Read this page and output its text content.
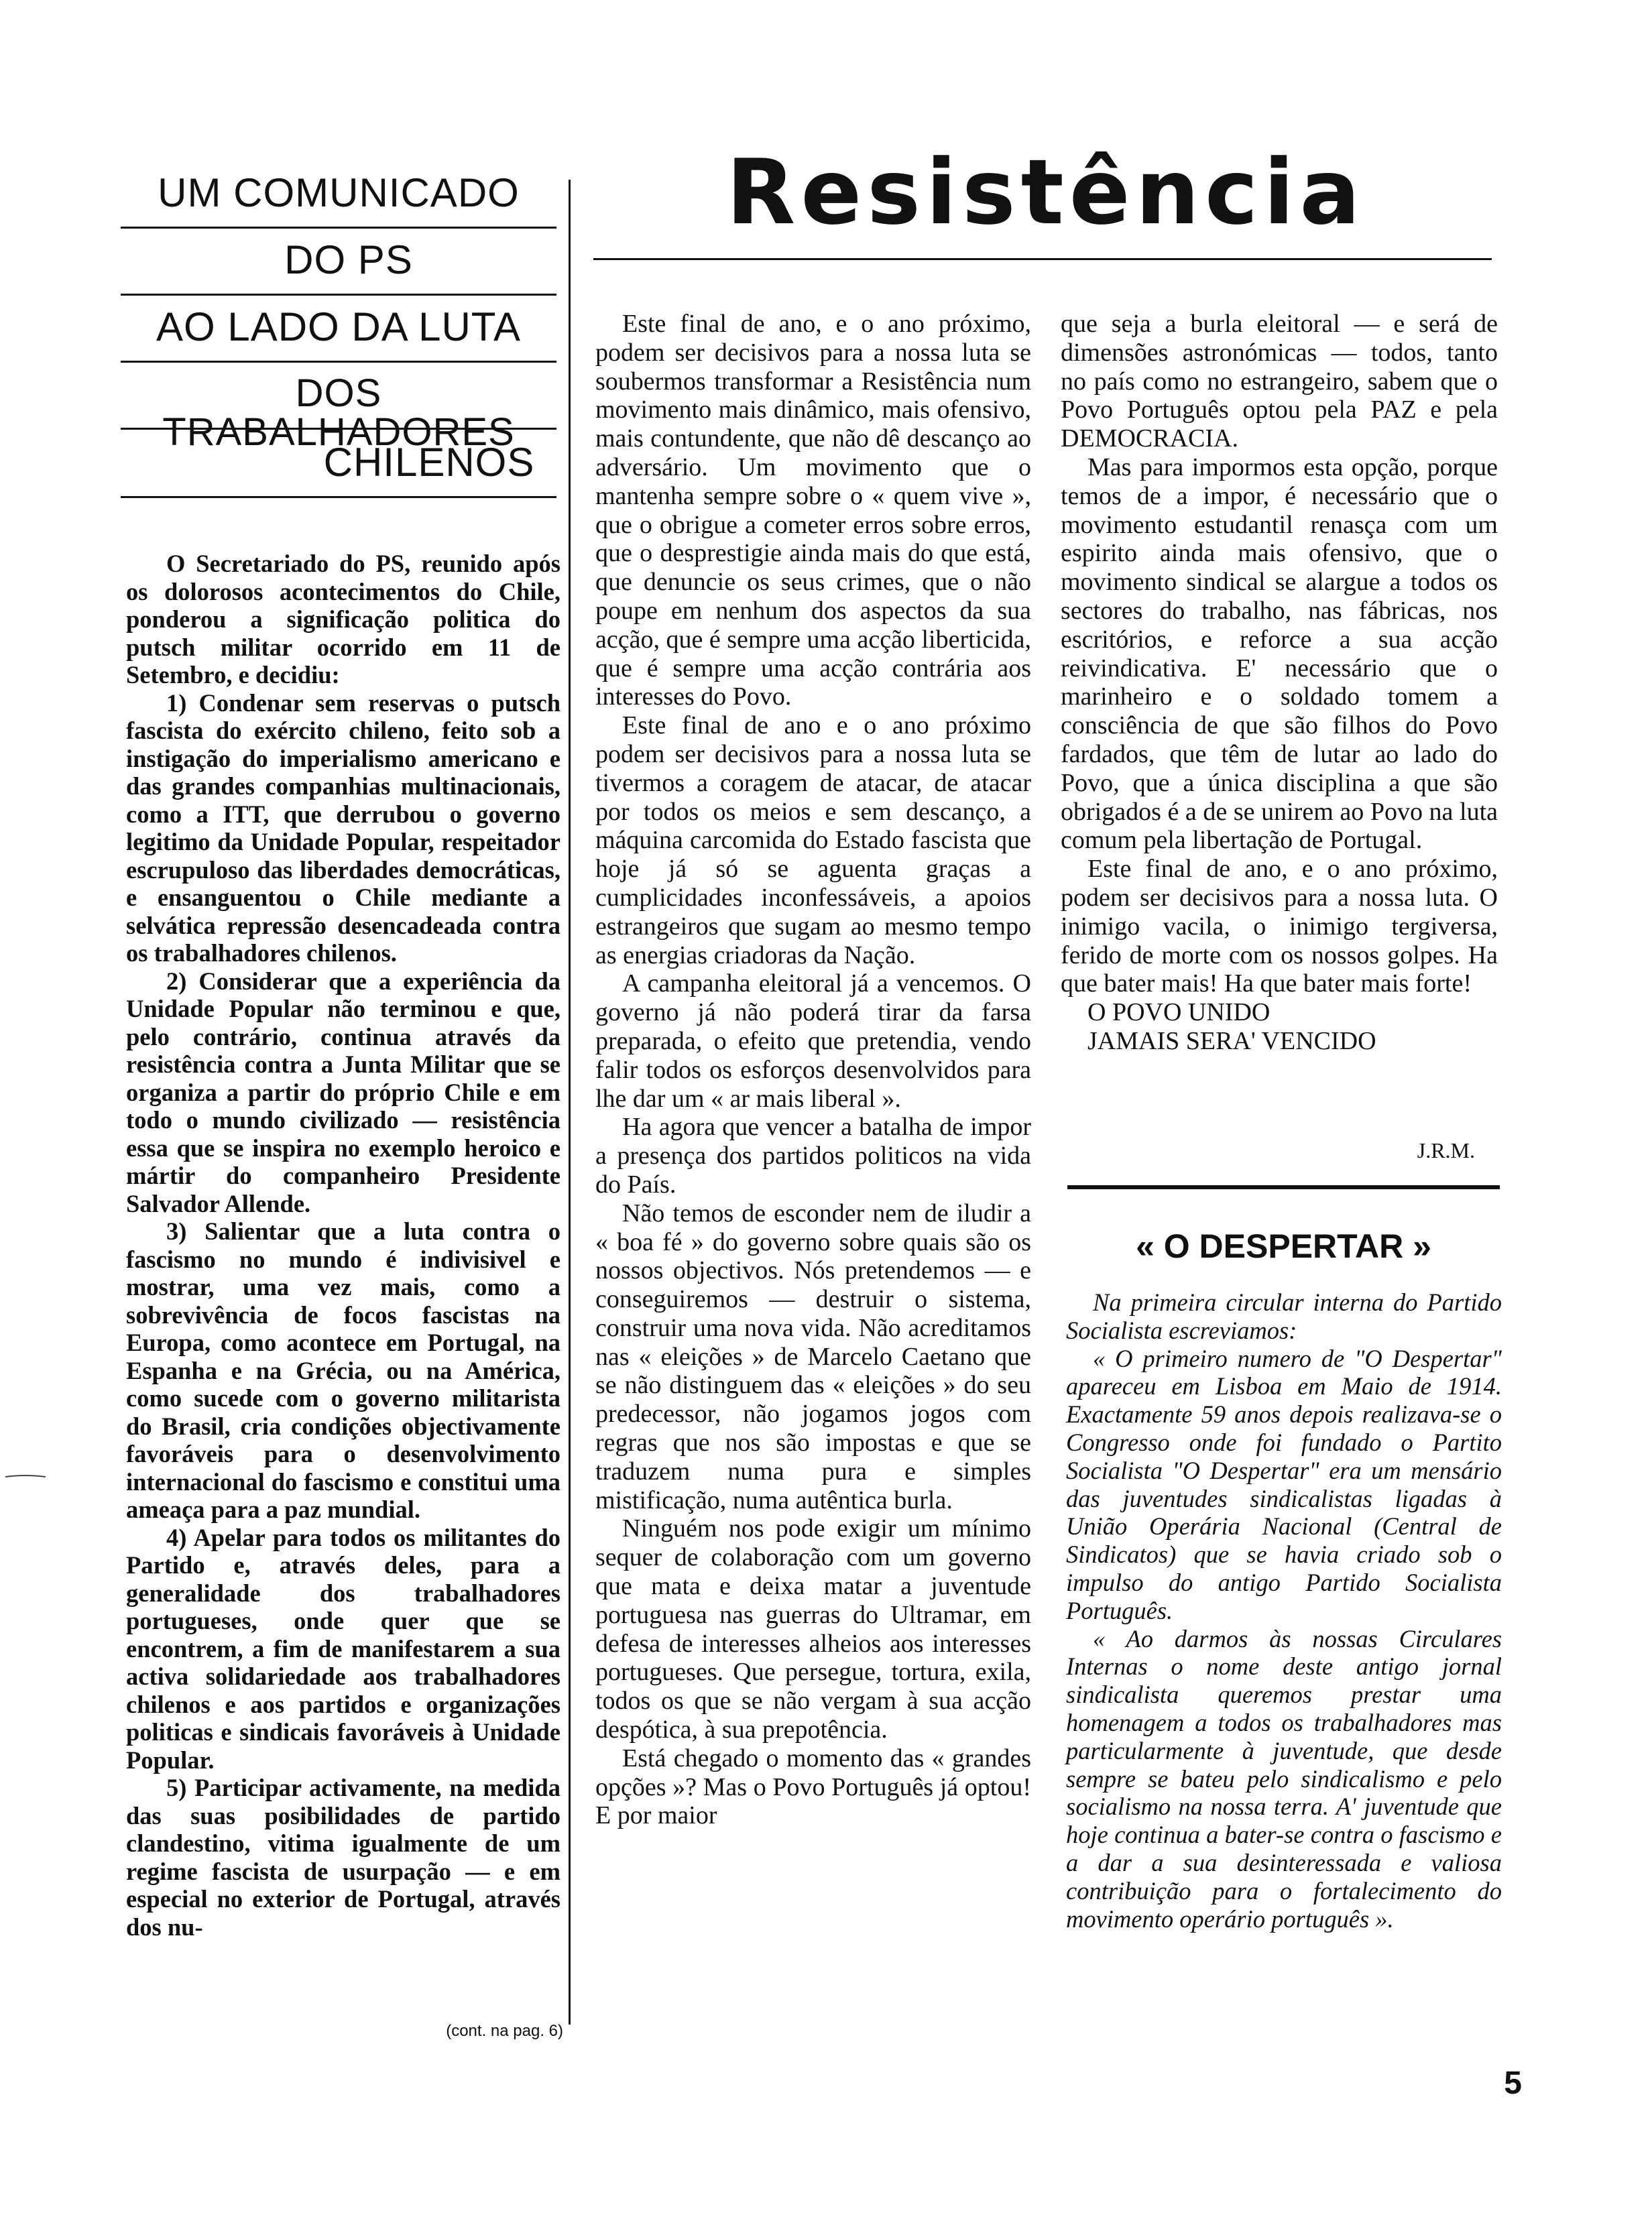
UM COMUNICADO
DO PS
AO LADO DA LUTA
DOS TRABALHADORES
CHILENOS

O Secretariado do PS, reunido após os dolorosos acontecimentos do Chile, ponderou a significação politica do putsch militar ocorrido em 11 de Setembro, e decidiu:

1) Condenar sem reservas o putsch fascista do exército chileno, feito sob a instigação do imperialismo americano e das grandes companhias multinacionais, como a ITT, que derrubou o governo legitimo da Unidade Popular, respeitador escrupuloso das liberdades democráticas, e ensanguentou o Chile mediante a selvática repressão desencadeada contra os trabalhadores chilenos.

2) Considerar que a experiência da Unidade Popular não terminou e que, pelo contrário, continua através da resistência contra a Junta Militar que se organiza a partir do próprio Chile e em todo o mundo civilizado — resistência essa que se inspira no exemplo heroico e mártir do companheiro Presidente Salvador Allende.

3) Salientar que a luta contra o fascismo no mundo é indivisivel e mostrar, uma vez mais, como a sobrevivência de focos fascistas na Europa, como acontece em Portugal, na Espanha e na Grécia, ou na América, como sucede com o governo militarista do Brasil, cria condições objectivamente favoráveis para o desenvolvimento internacional do fascismo e constitui uma ameaça para a paz mundial.

4) Apelar para todos os militantes do Partido e, através deles, para a generalidade dos trabalhadores portugueses, onde quer que se encontrem, a fim de manifestarem a sua activa solidariedade aos trabalhadores chilenos e aos partidos e organizações politicas e sindicais favoráveis à Unidade Popular.

5) Participar activamente, na medida das suas posibilidades de partido clandestino, vitima igualmente de um regime fascista de usurpação — e em especial no exterior de Portugal, através dos nu-

(cont. na pag. 6)
Resistência

Este final de ano, e o ano próximo, podem ser decisivos para a nossa luta se soubermos transformar a Resistência num movimento mais dinâmico, mais ofensivo, mais contundente, que não dê descanço ao adversário. Um movimento que o mantenha sempre sobre o « quem vive », que o obrigue a cometer erros sobre erros, que o desprestigie ainda mais do que está, que denuncie os seus crimes, que o não poupe em nenhum dos aspectos da sua acção, que é sempre uma acção liberticida, que é sempre uma acção contrária aos interesses do Povo.

Este final de ano e o ano próximo podem ser decisivos para a nossa luta se tivermos a coragem de atacar, de atacar por todos os meios e sem descanço, a máquina carcomida do Estado fascista que hoje já só se aguenta graças a cumplicidades inconfessáveis, a apoios estrangeiros que sugam ao mesmo tempo as energias criadoras da Nação.

A campanha eleitoral já a vencemos. O governo já não poderá tirar da farsa preparada, o efeito que pretendia, vendo falir todos os esforços desenvolvidos para lhe dar um « ar mais liberal ».

Ha agora que vencer a batalha de impor a presença dos partidos politicos na vida do País.

Não temos de esconder nem de iludir a « boa fé » do governo sobre quais são os nossos objectivos. Nós pretendemos — e conseguiremos — destruir o sistema, construir uma nova vida. Não acreditamos nas « eleições » de Marcelo Caetano que se não distinguem das « eleições » do seu predecessor, não jogamos jogos com regras que nos são impostas e que se traduzem numa pura e simples mistificação, numa autêntica burla.

Ninguém nos pode exigir um mínimo sequer de colaboração com um governo que mata e deixa matar a juventude portuguesa nas guerras do Ultramar, em defesa de interesses alheios aos interesses portugueses. Que persegue, tortura, exila, todos os que se não vergam à sua acção despótica, à sua prepotência.

Está chegado o momento das « grandes opções »? Mas o Povo Português já optou! E por maior

que seja a burla eleitoral — e será de dimensões astronómicas — todos, tanto no país como no estrangeiro, sabem que o Povo Português optou pela PAZ e pela DEMOCRACIA.

Mas para impormos esta opção, porque temos de a impor, é necessário que o movimento estudantil renasça com um espirito ainda mais ofensivo, que o movimento sindical se alargue a todos os sectores do trabalho, nas fábricas, nos escritórios, e reforce a sua acção reivindicativa. E' necessário que o marinheiro e o soldado tomem a consciência de que são filhos do Povo fardados, que têm de lutar ao lado do Povo, que a única disciplina a que são obrigados é a de se unirem ao Povo na luta comum pela libertação de Portugal.

Este final de ano, e o ano próximo, podem ser decisivos para a nossa luta. O inimigo vacila, o inimigo tergiversa, ferido de morte com os nossos golpes. Ha que bater mais! Ha que bater mais forte!

O POVO UNIDO

JAMAIS SERA' VENCIDO

J.R.M.
« O DESPERTAR »

Na primeira circular interna do Partido Socialista escreviamos:

« O primeiro numero de "O Despertar" apareceu em Lisboa em Maio de 1914. Exactamente 59 anos depois realizava-se o Congresso onde foi fundado o Partito Socialista "O Despertar" era um mensário das juventudes sindicalistas ligadas à União Operária Nacional (Central de Sindicatos) que se havia criado sob o impulso do antigo Partido Socialista Português.

« Ao darmos às nossas Circulares Internas o nome deste antigo jornal sindicalista queremos prestar uma homenagem a todos os trabalhadores mas particularmente à juventude, que desde sempre se bateu pelo sindicalismo e pelo socialismo na nossa terra. A' juventude que hoje continua a bater-se contra o fascismo e a dar a sua desinteressada e valiosa contribuição para o fortalecimento do movimento operário português ».

5
